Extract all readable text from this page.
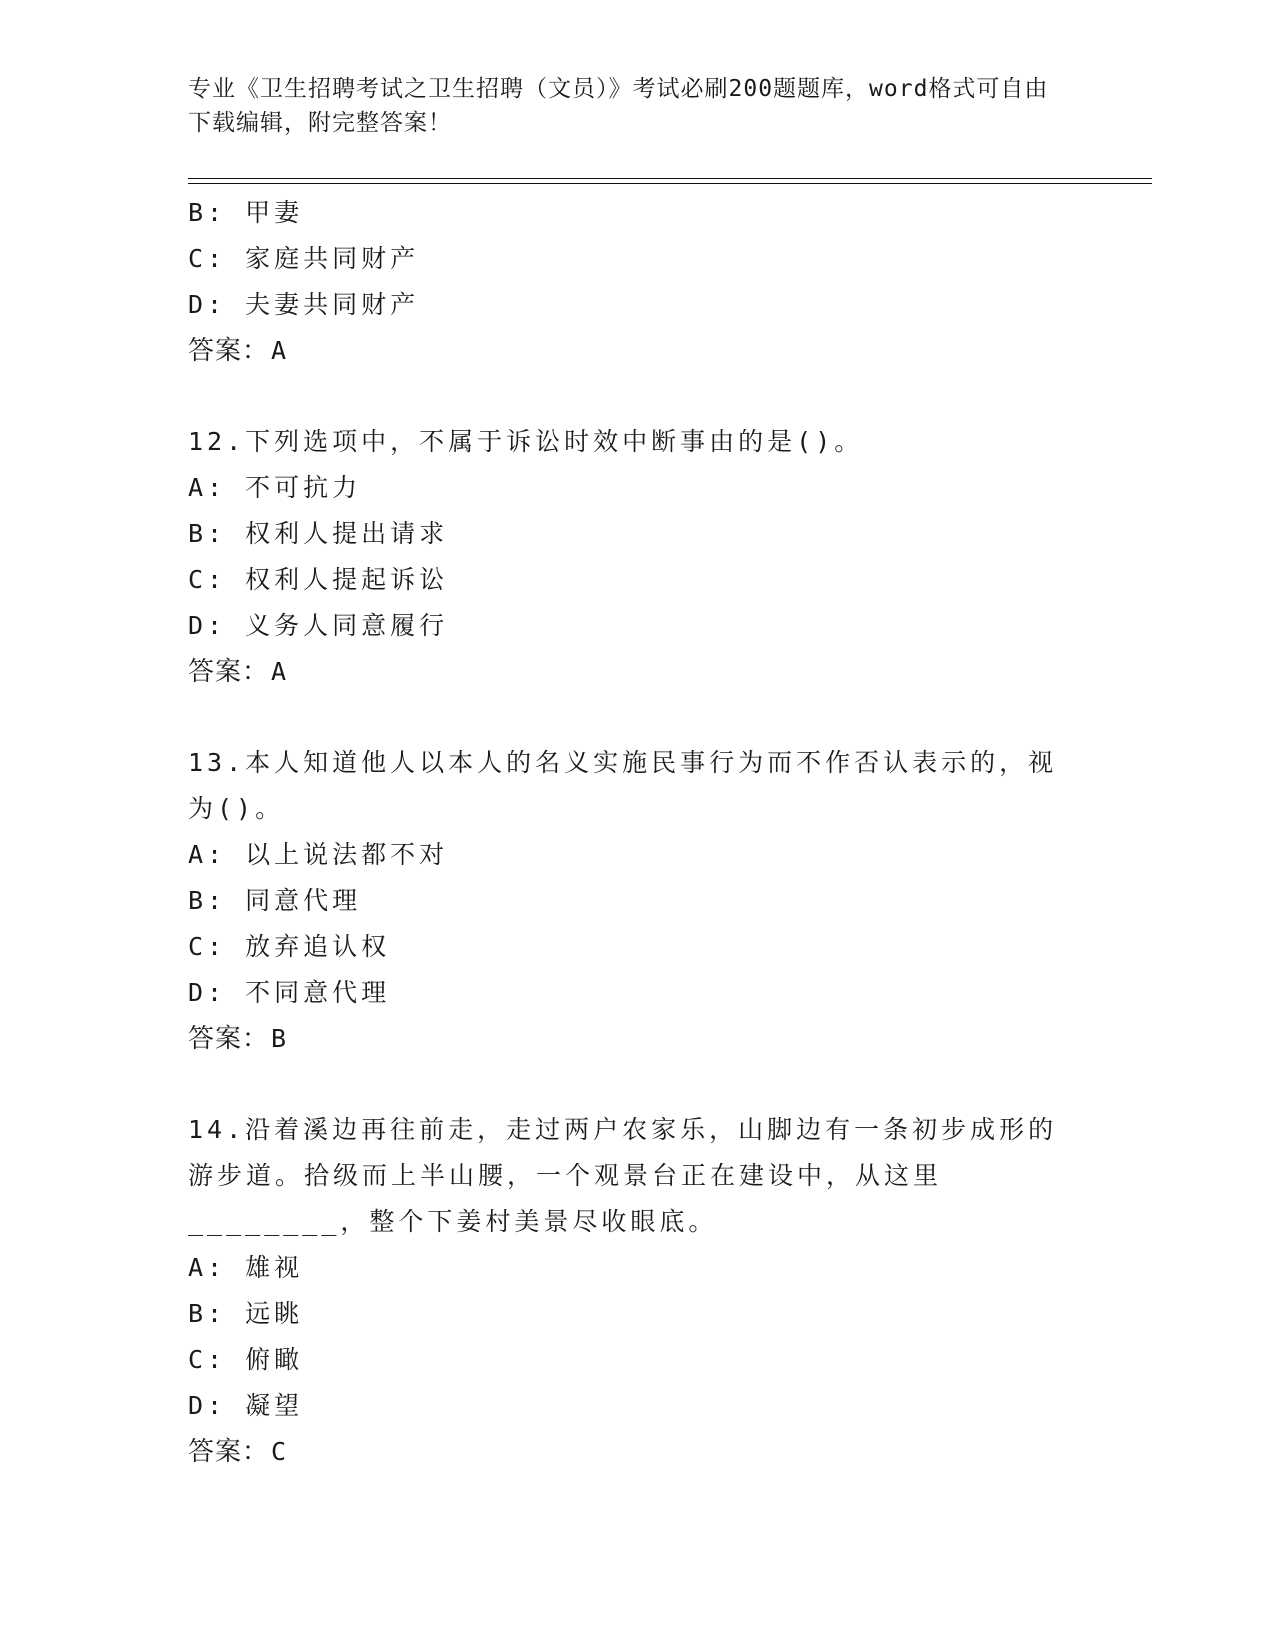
专业《卫生招聘考试之卫生招聘（文员）》考试必刷200题题库，word格式可自由下载编辑，附完整答案！
B: 甲妻
C: 家庭共同财产
D: 夫妻共同财产
答案：A
12.下列选项中，不属于诉讼时效中断事由的是()。
A: 不可抗力
B: 权利人提出请求
C: 权利人提起诉讼
D: 义务人同意履行
答案：A
13.本人知道他人以本人的名义实施民事行为而不作否认表示的，视为()。
A: 以上说法都不对
B: 同意代理
C: 放弃追认权
D: 不同意代理
答案：B
14.沿着溪边再往前走，走过两户农家乐，山脚边有一条初步成形的游步道。拾级而上半山腰，一个观景台正在建设中，从这里________，整个下姜村美景尽收眼底。
A: 雄视
B: 远眺
C: 俯瞰
D: 凝望
答案：C
